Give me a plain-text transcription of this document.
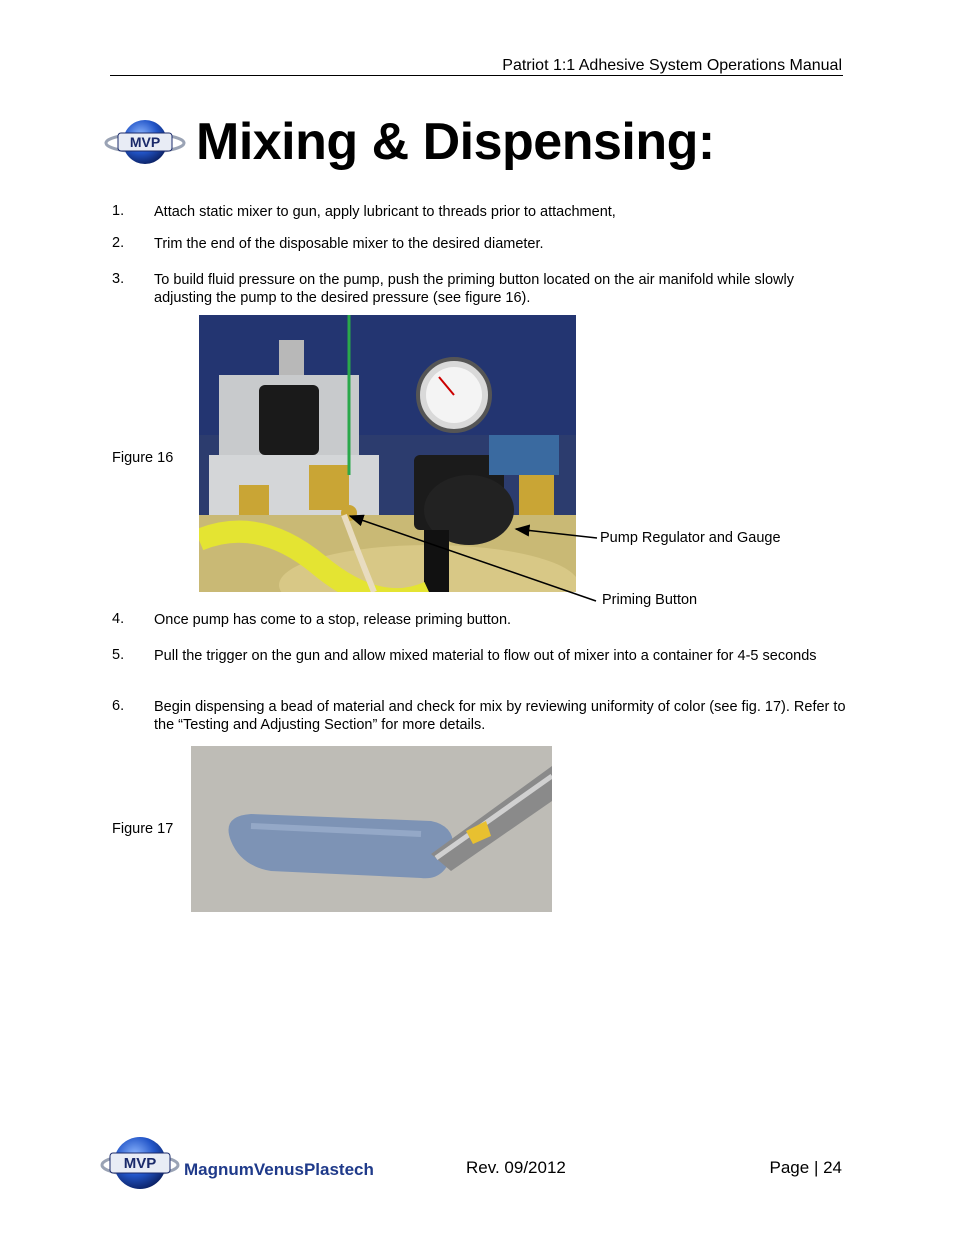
Patriot 1:1 Adhesive System Operations Manual
MVP Mixing & Dispensing:
1. Attach static mixer to gun, apply lubricant to threads prior to attachment,
2. Trim the end of the disposable mixer to the desired diameter.
3. To build fluid pressure on the pump, push the priming button located on the air manifold while slowly adjusting the pump to the desired pressure (see figure 16).
Figure 16
Pump Regulator and Gauge
Priming Button
4. Once pump has come to a stop, release priming button.
5. Pull the trigger on the gun and allow mixed material to flow out of mixer into a container for 4-5 seconds
6. Begin dispensing a bead of material and check for mix by reviewing uniformity of color (see fig. 17). Refer to the “Testing and Adjusting Section” for more details.
Figure 17
MVP MagnumVenusPlastech	Rev. 09/2012	Page | 24
